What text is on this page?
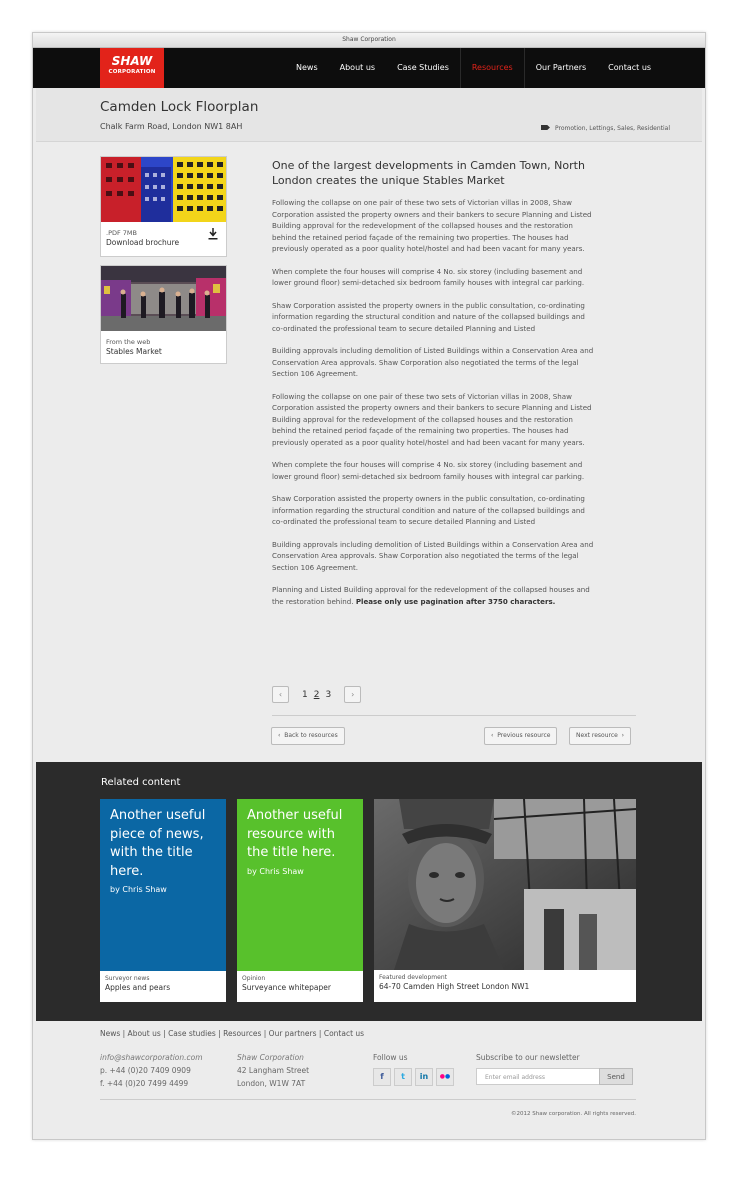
Shaw Corporation
SHAW
CORPORATION	News	About us	Case Studies	Resources	Our Partners	Contact us
Camden Lock Floorplan
Chalk Farm Road, London NW1 8AH	Promotion, Lettings, Sales, Residential
.PDF 7MB
Download brochure
From the web
Stables Market

One of the largest developments in Camden Town, North London creates the unique Stables Market

Following the collapse on one pair of these two sets of Victorian villas in 2008, Shaw Corporation assisted the property owners and their bankers to secure Planning and Listed Building approval for the redevelopment of the collapsed houses and the restoration behind the retained period façade of the remaining two properties. The houses had previously operated as a poor quality hotel/hostel and had been vacant for many years.

When complete the four houses will comprise 4 No. six storey (including basement and lower ground floor) semi-detached six bedroom family houses with integral car parking.

Shaw Corporation assisted the property owners in the public consultation, co-ordinating information regarding the structural condition and nature of the collapsed buildings and co-ordinated the professional team to secure detailed Planning and Listed

Building approvals including demolition of Listed Buildings within a Conservation Area and Conservation Area approvals. Shaw Corporation also negotiated the terms of the legal Section 106 Agreement.

Following the collapse on one pair of these two sets of Victorian villas in 2008, Shaw Corporation assisted the property owners and their bankers to secure Planning and Listed Building approval for the redevelopment of the collapsed houses and the restoration behind the retained period façade of the remaining two properties. The houses had previously operated as a poor quality hotel/hostel and had been vacant for many years.

When complete the four houses will comprise 4 No. six storey (including basement and lower ground floor) semi-detached six bedroom family houses with integral car parking.

Shaw Corporation assisted the property owners in the public consultation, co-ordinating information regarding the structural condition and nature of the collapsed buildings and co-ordinated the professional team to secure detailed Planning and Listed

Building approvals including demolition of Listed Buildings within a Conservation Area and Conservation Area approvals. Shaw Corporation also negotiated the terms of the legal Section 106 Agreement.

Planning and Listed Building approval for the redevelopment of the collapsed houses and the restoration behind. Please only use pagination after 3750 characters.

‹	1 2 3	›
‹  Back to resources	‹  Previous resource	Next resource  ›
Related content
Another useful piece of news, with the title here.
by Chris Shaw
Surveyor news
Apples and pears
Another useful resource with the title here.
by Chris Shaw
Opinion
Surveyance whitepaper
Featured development
64-70 Camden High Street London NW1
News | About us | Case studies | Resources | Our partners | Contact us
info@shawcorporation.com
p. +44 (0)20 7409 0909
f. +44 (0)20 7499 4499
Shaw Corporation
42 Langham Street
London, W1W 7AT
Follow us
f	t	in	●●
Subscribe to our newsletter
Enter email address	Send
©2012 Shaw corporation. All rights reserved.
